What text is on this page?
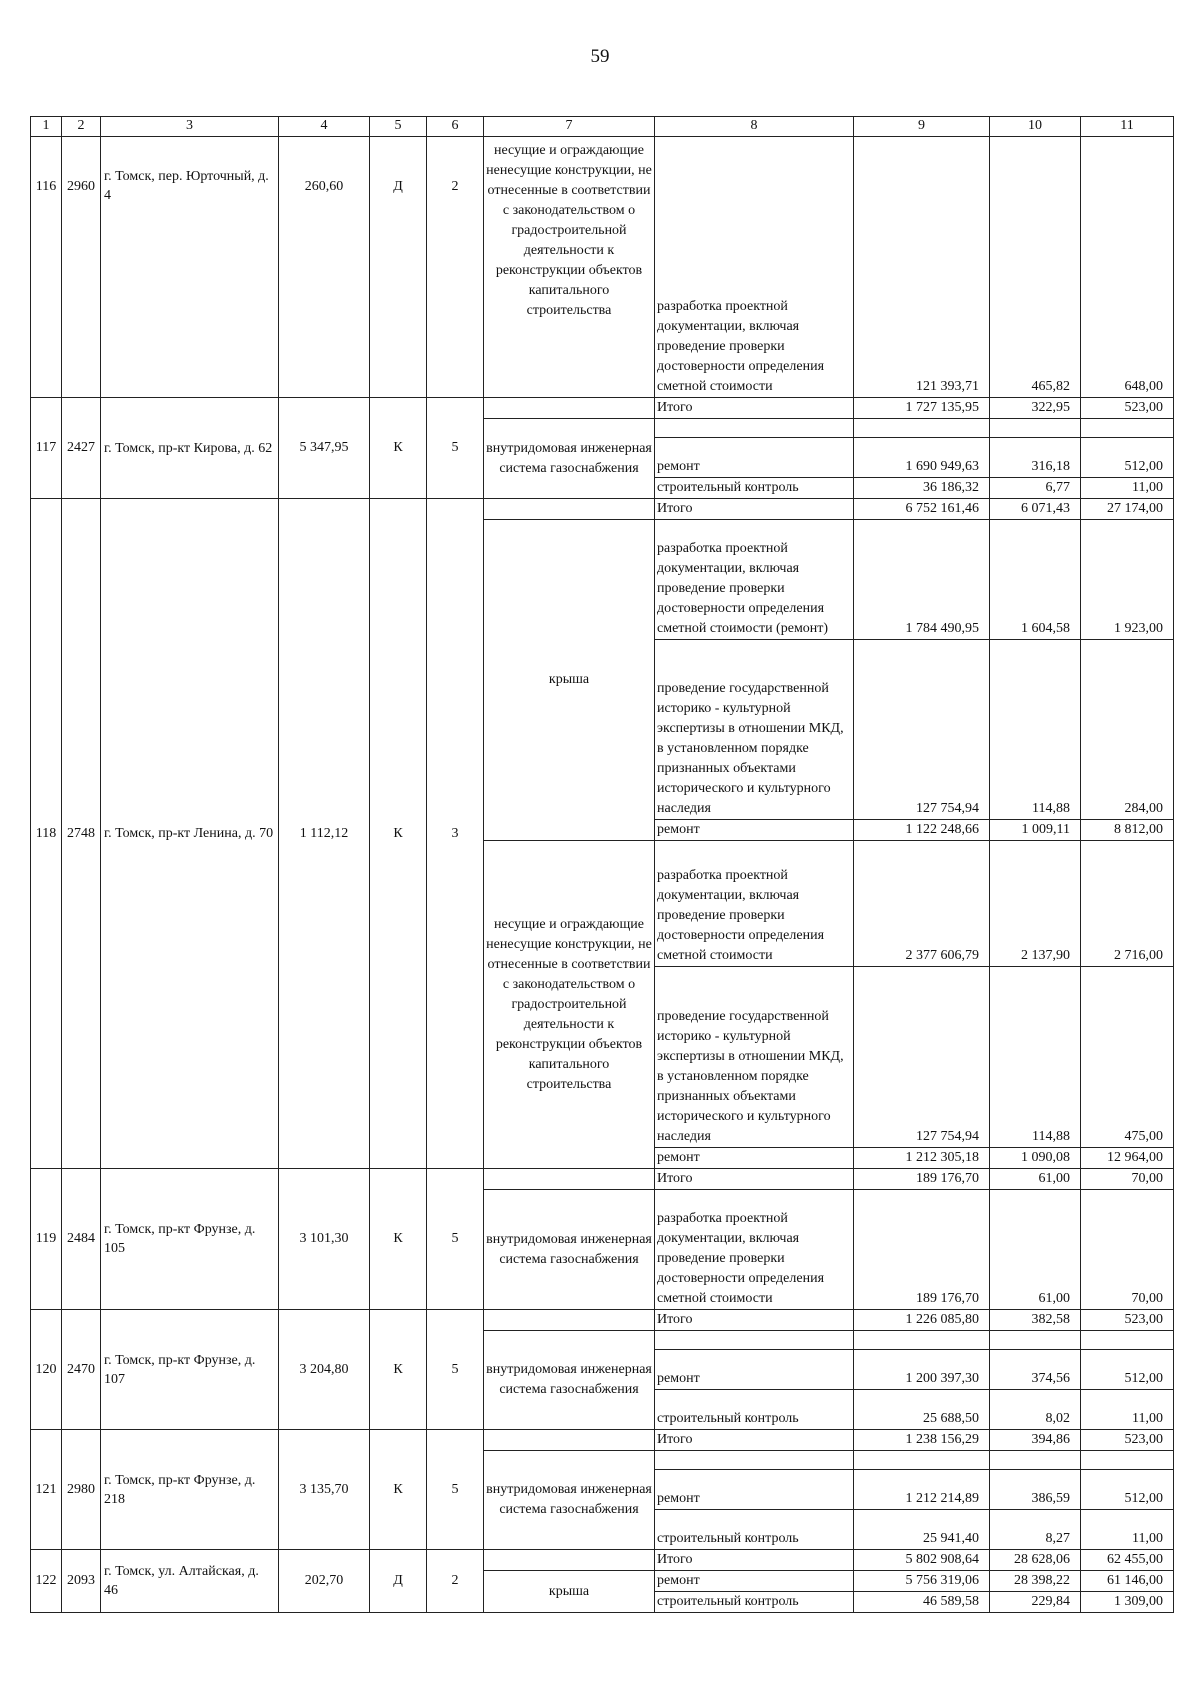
59
1	2	3	4	5	6	7	8	9	10	11
116	2960	г. Томск, пер. Юрточный, д. 4	260,60	Д	2	несущие и ограждающие ненесущие конструкции, не отнесенные в соответствии с законодательством о градостроительной деятельности к реконструкции объектов капитального строительства	разработка проектной документации, включая проведение проверки достоверности определения сметной стоимости	121 393,71	465,82	648,00
117	2427	г. Томск, пр-кт Кирова, д. 62	5 347,95	К	5		Итого	1 727 135,95	322,95	523,00
						внутридомовая инженерная система газоснабжения				
							ремонт	1 690 949,63	316,18	512,00
							строительный контроль	36 186,32	6,77	11,00
118	2748	г. Томск, пр-кт Ленина, д. 70	1 112,12	К	3		Итого	6 752 161,46	6 071,43	27 174,00
						крыша	разработка проектной документации, включая проведение проверки достоверности определения сметной стоимости (ремонт)	1 784 490,95	1 604,58	1 923,00
							проведение государственной историко - культурной экспертизы в отношении МКД, в установленном порядке признанных объектами исторического и культурного наследия	127 754,94	114,88	284,00
							ремонт	1 122 248,66	1 009,11	8 812,00
						несущие и ограждающие ненесущие конструкции, не отнесенные в соответствии с законодательством о градостроительной деятельности к реконструкции объектов капитального строительства	разработка проектной документации, включая проведение проверки достоверности определения сметной стоимости	2 377 606,79	2 137,90	2 716,00
							проведение государственной историко - культурной экспертизы в отношении МКД, в установленном порядке признанных объектами исторического и культурного наследия	127 754,94	114,88	475,00
							ремонт	1 212 305,18	1 090,08	12 964,00
119	2484	г. Томск, пр-кт Фрунзе, д. 105	3 101,30	К	5		Итого	189 176,70	61,00	70,00
						внутридомовая инженерная система газоснабжения	разработка проектной документации, включая проведение проверки достоверности определения сметной стоимости	189 176,70	61,00	70,00
120	2470	г. Томск, пр-кт Фрунзе, д. 107	3 204,80	К	5		Итого	1 226 085,80	382,58	523,00
						внутридомовая инженерная система газоснабжения				
							ремонт	1 200 397,30	374,56	512,00
							строительный контроль	25 688,50	8,02	11,00
121	2980	г. Томск, пр-кт Фрунзе, д. 218	3 135,70	К	5		Итого	1 238 156,29	394,86	523,00
						внутридомовая инженерная система газоснабжения				
							ремонт	1 212 214,89	386,59	512,00
							строительный контроль	25 941,40	8,27	11,00
122	2093	г. Томск, ул. Алтайская, д. 46	202,70	Д	2		Итого	5 802 908,64	28 628,06	62 455,00
						крыша	ремонт	5 756 319,06	28 398,22	61 146,00
							строительный контроль	46 589,58	229,84	1 309,00
